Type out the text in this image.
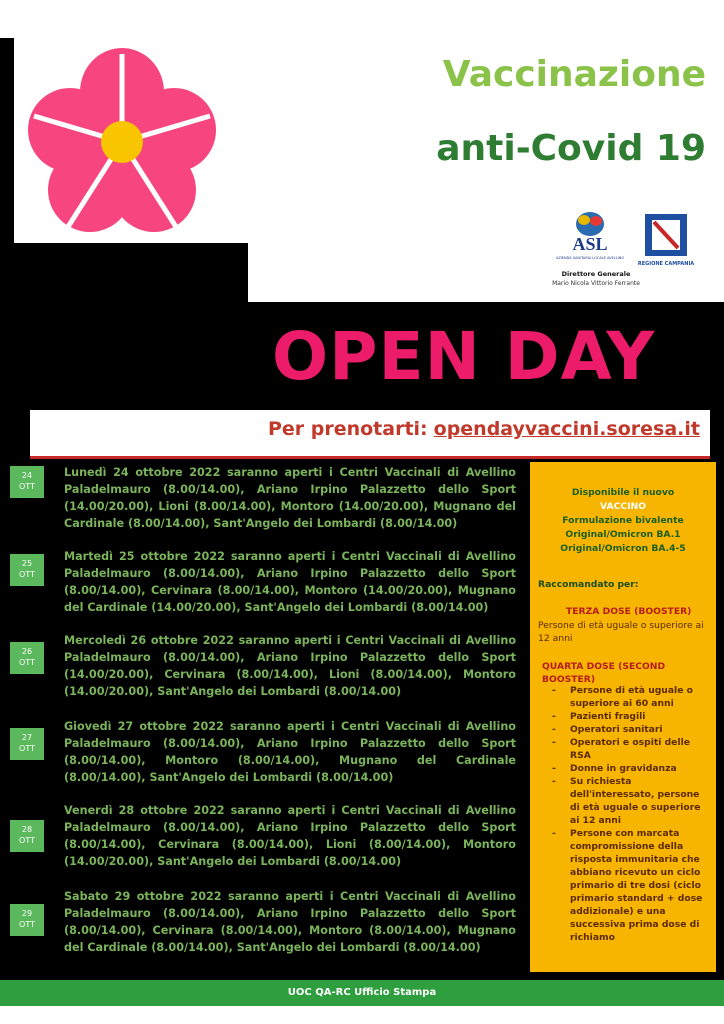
Vaccinazione
anti-Covid 19
ASL
AZIENDA SANITARIA LOCALE AVELLINO
REGIONE CAMPANIA
Direttore Generale
Mario Nicola Vittorio Ferrante
OPEN DAY
Per prenotarti: opendayvaccini.soresa.it
24
OTT
Lunedì 24 ottobre 2022 saranno aperti i Centri Vaccinali di Avellino Paladelmauro (8.00/14.00), Ariano Irpino Palazzetto dello Sport (14.00/20.00), Lioni (8.00/14.00), Montoro (14.00/20.00), Mugnano del Cardinale (8.00/14.00), Sant'Angelo dei Lombardi (8.00/14.00)
25
OTT
Martedì 25 ottobre 2022 saranno aperti i Centri Vaccinali di Avellino Paladelmauro (8.00/14.00), Ariano Irpino Palazzetto dello Sport (8.00/14.00), Cervinara (8.00/14.00), Montoro (14.00/20.00), Mugnano del Cardinale (14.00/20.00), Sant'Angelo dei Lombardi (8.00/14.00)
26
OTT
Mercoledì 26 ottobre 2022 saranno aperti i Centri Vaccinali di Avellino Paladelmauro (8.00/14.00), Ariano Irpino Palazzetto dello Sport (14.00/20.00), Cervinara (8.00/14.00), Lioni (8.00/14.00), Montoro (14.00/20.00), Sant'Angelo dei Lombardi (8.00/14.00)
27
OTT
Giovedì 27 ottobre 2022 saranno aperti i Centri Vaccinali di Avellino Paladelmauro (8.00/14.00), Ariano Irpino Palazzetto dello Sport (8.00/14.00), Montoro (8.00/14.00), Mugnano del Cardinale (8.00/14.00), Sant'Angelo dei Lombardi (8.00/14.00)
28
OTT
Venerdì 28 ottobre 2022 saranno aperti i Centri Vaccinali di Avellino Paladelmauro (8.00/14.00), Ariano Irpino Palazzetto dello Sport (8.00/14.00), Cervinara (8.00/14.00), Lioni (8.00/14.00), Montoro (14.00/20.00), Sant'Angelo dei Lombardi (8.00/14.00)
29
OTT
Sabato 29 ottobre 2022 saranno aperti i Centri Vaccinali di Avellino Paladelmauro (8.00/14.00), Ariano Irpino Palazzetto dello Sport (8.00/14.00), Cervinara (8.00/14.00), Montoro (8.00/14.00), Mugnano del Cardinale (8.00/14.00), Sant'Angelo dei Lombardi (8.00/14.00)
Disponibile il nuovo
VACCINO
Formulazione bivalente
Original/Omicron BA.1
Original/Omicron BA.4-5
Raccomandato per:
TERZA DOSE (BOOSTER)
Persone di età uguale o superiore ai 12 anni
QUARTA DOSE (SECOND BOOSTER)
- Persone di età uguale o superiore ai 60 anni
- Pazienti fragili
- Operatori sanitari
- Operatori e ospiti delle RSA
- Donne in gravidanza
- Su richiesta dell'interessato, persone di età uguale o superiore ai 12 anni
- Persone con marcata compromissione della risposta immunitaria che abbiano ricevuto un ciclo primario di tre dosi (ciclo primario standard + dose addizionale) e una successiva prima dose di richiamo
UOC QA-RC Ufficio Stampa
